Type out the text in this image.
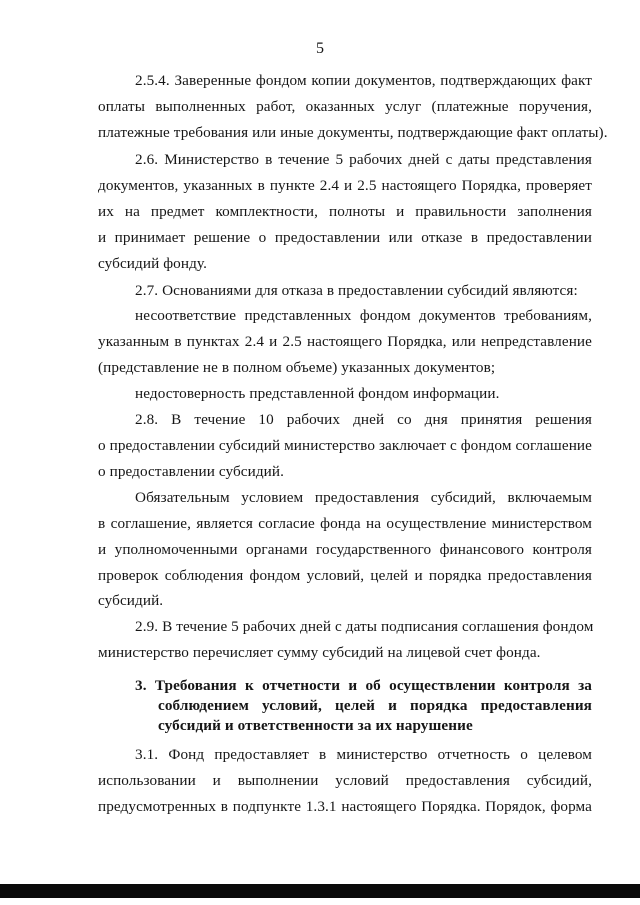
5
2.5.4. Заверенные фондом копии документов, подтверждающих факт
оплаты выполненных работ, оказанных услуг (платежные поручения,
платежные требования или иные документы, подтверждающие факт оплаты).
2.6. Министерство в течение 5 рабочих дней с даты представления
документов, указанных в пункте 2.4 и 2.5 настоящего Порядка, проверяет
их на предмет комплектности, полноты и правильности заполнения
и принимает решение о предоставлении или отказе в предоставлении
субсидий фонду.
2.7. Основаниями для отказа в предоставлении субсидий являются:
несоответствие представленных фондом документов требованиям,
указанным в пунктах 2.4 и 2.5 настоящего Порядка, или непредставление
(представление не в полном объеме) указанных документов;
недостоверность представленной фондом информации.
2.8. В течение 10 рабочих дней со дня принятия решения
о предоставлении субсидий министерство заключает с фондом соглашение
о предоставлении субсидий.
Обязательным условием предоставления субсидий, включаемым
в соглашение, является согласие фонда на осуществление министерством
и уполномоченными органами государственного финансового контроля
проверок соблюдения фондом условий, целей и порядка предоставления
субсидий.
2.9. В течение 5 рабочих дней с даты подписания соглашения фондом
министерство перечисляет сумму субсидий на лицевой счет фонда.
3. Требования к отчетности и об осуществлении контроля за
соблюдением условий, целей и порядка предоставления
субсидий и ответственности за их нарушение
3.1. Фонд предоставляет в министерство отчетность о целевом
использовании и выполнении условий предоставления субсидий,
предусмотренных в подпункте 1.3.1 настоящего Порядка. Порядок, форма
